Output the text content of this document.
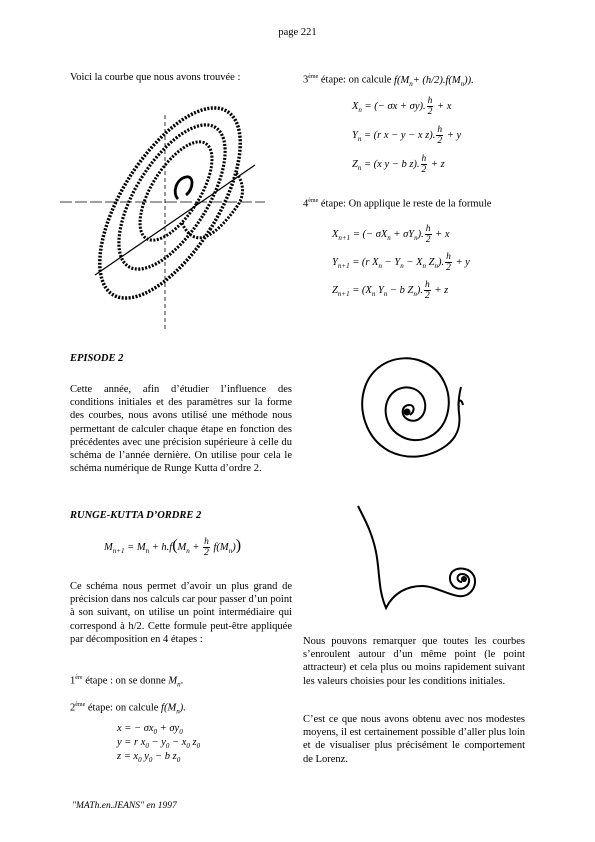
page 221
Voici la courbe que nous avons trouvée :
EPISODE 2
Cette année, afin d’étudier l’influence des conditions initiales et des paramètres sur la forme des courbes, nous avons utilisé une méthode nous permettant de calculer chaque étape en fonction des précédentes avec une précision supérieure à celle du schéma de l’année dernière. On utilise pour cela le schéma numérique de Runge Kutta d’ordre 2.
RUNGE-KUTTA D’ORDRE 2
$M_{n+1} = M_n + h.f(M_n + \frac{h}{2} f(M_n))$
Ce schéma nous permet d’avoir un plus grand de précision dans nos calculs car pour passer d’un point à son suivant, on utilise un point intermédiaire qui correspond à h/2. Cette formule peut-être appliquée par décomposition en 4 étapes :
1ère étape : on se donne $M_n$.
2ème étape: on calcule $f(M_n)$.
x = − $\sigma x_0 + \sigma y_0$
y = r $x_0 - y_0 - x_0$ $z_0$
$z = x_0$ $y_0 - b$ $z_0$
"MATh.en.JEANS" en 1997
3ème étape: on calcule $f(M_n+ (h/2).f(M_n))$.
$X_n$ = (− σx + σy). $\frac{h}{2} + x$
$Y_n = (r$ x − y − x z). $\frac{h}{2} + y$
$Z_n = (x$ y − b z). $\frac{h}{2} + z$
4ème étape: On applique le reste de la formule
$X_{n+1}$ = (− $\sigma X_n + \sigma Y_n$). $\frac{h}{2} + x$
$Y_{n+1} = (r$ $X_n - Y_n - X_n$ $Z_n$). $\frac{h}{2} + y$
$Z_{n+1} = (X_n$ $Y_n - b$ $Z_n$). $\frac{h}{2} + z$
Nous pouvons remarquer que toutes les courbes s’enroulent autour d’un même point (le point attracteur) et cela plus ou moins rapidement suivant les valeurs choisies pour les conditions initiales.
C’est ce que nous avons obtenu avec nos modestes moyens, il est certainement possible d’aller plus loin et de visualiser plus précisément le comportement de Lorenz.
